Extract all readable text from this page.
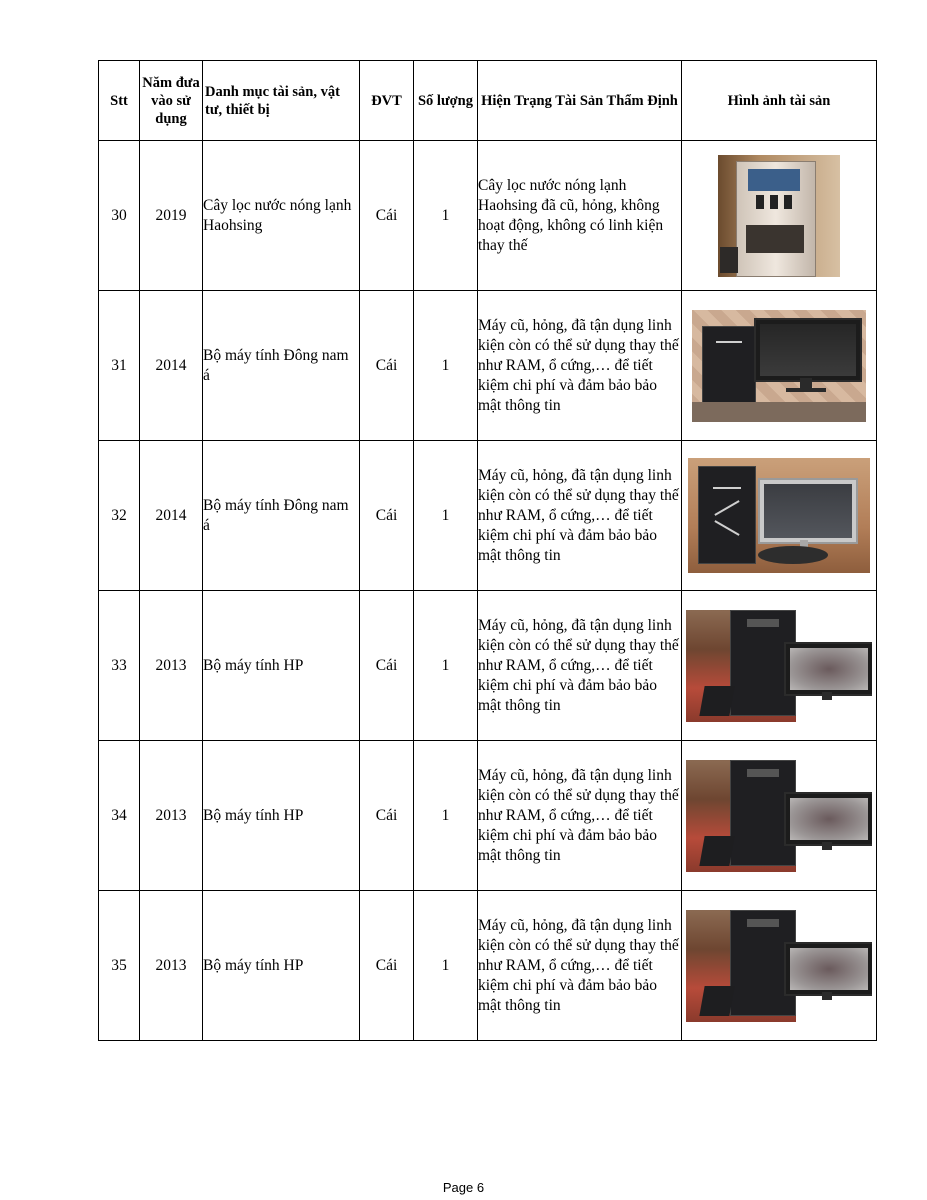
Stt	Năm đưa vào sử dụng	Danh mục tài sản, vật tư, thiết bị	ĐVT	Số lượng	Hiện Trạng Tài Sản Thẩm Định	Hình ảnh tài sản
30	2019	Cây lọc nước nóng lạnh Haohsing	Cái	1	Cây lọc nước nóng lạnh Haohsing đã cũ, hỏng, không hoạt động, không có linh kiện thay thế	

31	2014	Bộ máy tính Đông nam á	Cái	1	Máy cũ, hỏng, đã tận dụng linh kiện còn có thể sử dụng thay thế như RAM, ổ cứng,… để tiết kiệm chi phí và đảm bảo bảo mật thông tin	

32	2014	Bộ máy tính Đông nam á	Cái	1	Máy cũ, hỏng, đã tận dụng linh kiện còn có thể sử dụng thay thế như RAM, ổ cứng,… để tiết kiệm chi phí và đảm bảo bảo mật thông tin	

33	2013	Bộ máy tính HP	Cái	1	Máy cũ, hỏng, đã tận dụng linh kiện còn có thể sử dụng thay thế như RAM, ổ cứng,… để tiết kiệm chi phí và đảm bảo bảo mật thông tin	

34	2013	Bộ máy tính HP	Cái	1	Máy cũ, hỏng, đã tận dụng linh kiện còn có thể sử dụng thay thế như RAM, ổ cứng,… để tiết kiệm chi phí và đảm bảo bảo mật thông tin	

35	2013	Bộ máy tính HP	Cái	1	Máy cũ, hỏng, đã tận dụng linh kiện còn có thể sử dụng thay thế như RAM, ổ cứng,… để tiết kiệm chi phí và đảm bảo bảo mật thông tin	
Page 6
